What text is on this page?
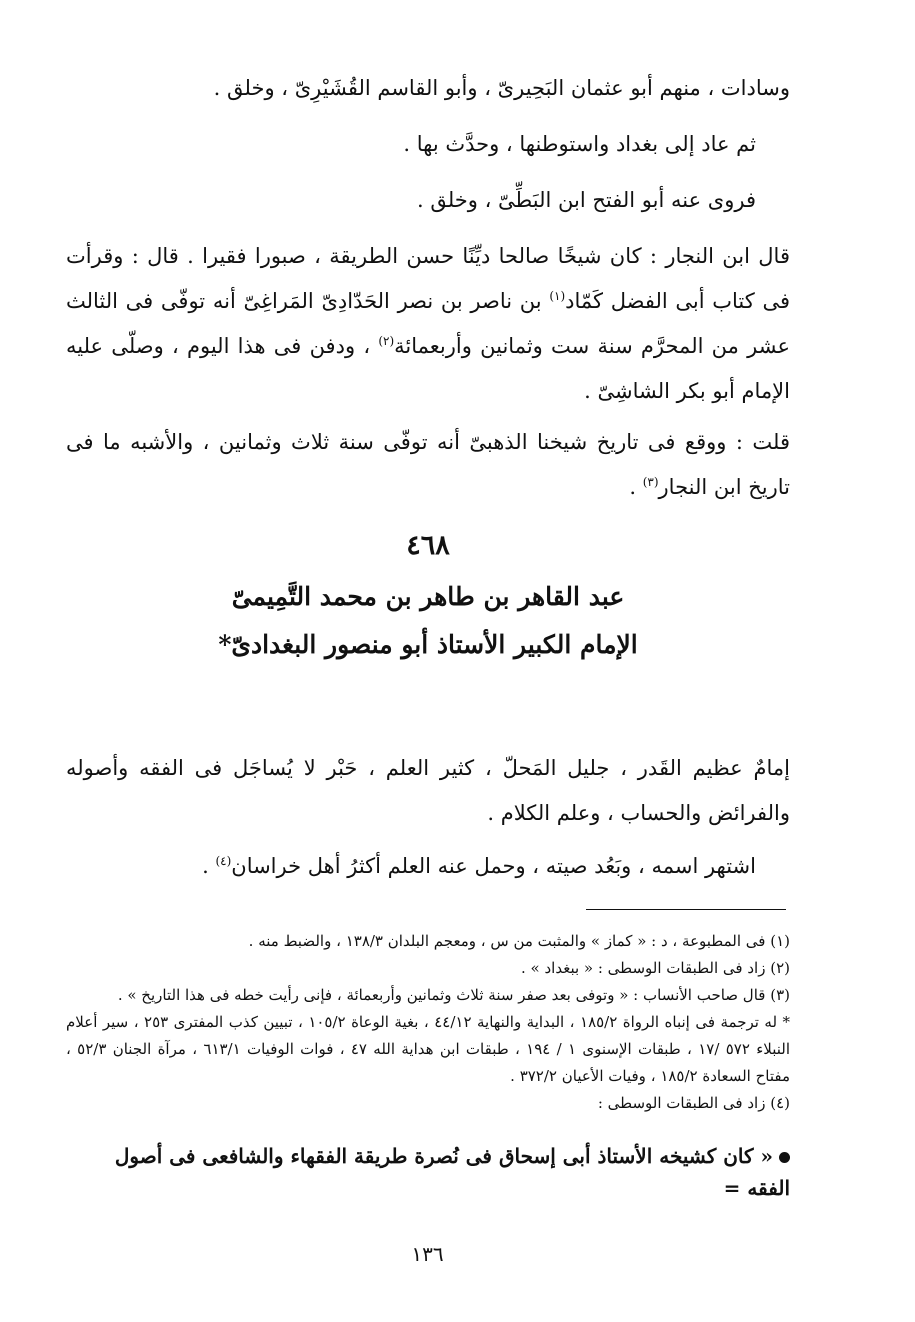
وسادات ، منهم أبو عثمان البَحِيرىّ ، وأبو القاسم القُشَيْرِىّ ، وخلق .
ثم عاد إلى بغداد واستوطنها ، وحدَّث بها .
فروى عنه أبو الفتح ابن البَطِّىّ ، وخلق .
قال ابن النجار : كان شيخًا صالحا ديِّنًا حسن الطريقة ، صبورا فقيرا . قال : وقرأت فى كتاب أبى الفضل كَمّاد$^{(١)}$ بن ناصر بن نصر الحَدّادِىّ المَراغِىّ أنه توفّى فى الثالث عشر من المحرَّم سنة ست وثمانين وأربعمائة$^{(٢)}$ ، ودفن فى هذا اليوم ، وصلّى عليه الإمام أبو بكر الشاشِىّ .
قلت : ووقع فى تاريخ شيخنا الذهبىّ أنه توفّى سنة ثلاث وثمانين ، والأشبه ما فى تاريخ ابن النجار$^{(٣)}$ .
٤٦٨
عبد القاهر بن طاهر بن محمد التَّمِيمىّ
الإمام الكبير الأستاذ أبو منصور البغدادىّ*
إمامٌ عظيم القَدر ، جليل المَحلّ ، كثير العلم ، حَبْر لا يُساجَل فى الفقه وأصوله والفرائض والحساب ، وعلم الكلام .
اشتهر اسمه ، وبَعُد صيته ، وحمل عنه العلم أكثرُ أهل خراسان$^{(٤)}$ .
(١) فى المطبوعة ، د : « كماز » والمثبت من س ، ومعجم البلدان ١٣٨/٣ ، والضبط منه .
(٢) زاد فى الطبقات الوسطى : « ببغداد » .
(٣) قال صاحب الأنساب : « وتوفى بعد صفر سنة ثلاث وثمانين وأربعمائة ، فإنى رأيت خطه فى هذا التاريخ » .
* له ترجمة فى إنباه الرواة ١٨٥/٢ ، البداية والنهاية ٤٤/١٢ ، بغية الوعاة ١٠٥/٢ ، تبيين كذب المفترى ٢٥٣ ، سير أعلام النبلاء ٥٧٢ /١٧ ، طبقات الإسنوى ١ / ١٩٤ ، طبقات ابن هداية الله ٤٧ ، فوات الوفيات ٦١٣/١ ، مرآة الجنان ٥٢/٣ ، مفتاح السعادة ١٨٥/٢ ، وفيات الأعيان ٣٧٢/٢ .
(٤) زاد فى الطبقات الوسطى :
« كان كشيخه الأستاذ أبى إسحاق فى نُصرة طريقة الفقهاء والشافعى فى أصول الفقه =
١٣٦
